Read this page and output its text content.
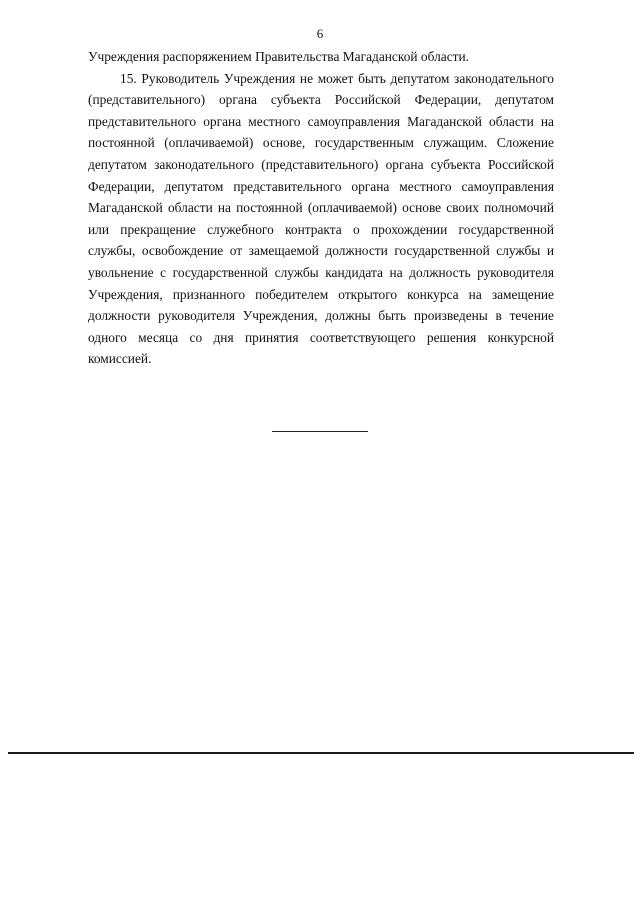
6

Учреждения распоряжением Правительства Магаданской области.

15. Руководитель Учреждения не может быть депутатом законодательного (представительного) органа субъекта Российской Федерации, депутатом представительного органа местного самоуправления Магаданской области на постоянной (оплачиваемой) основе, государственным служащим. Сложение депутатом законодательного (представительного) органа субъекта Российской Федерации, депутатом представительного органа местного самоуправления Магаданской области на постоянной (оплачиваемой) основе своих полномочий или прекращение служебного контракта о прохождении государственной службы, освобождение от замещаемой должности государственной службы и увольнение с государственной службы кандидата на должность руководителя Учреждения, признанного победителем открытого конкурса на замещение должности руководителя Учреждения, должны быть произведены в течение одного месяца со дня принятия соответствующего решения конкурсной комиссией.
